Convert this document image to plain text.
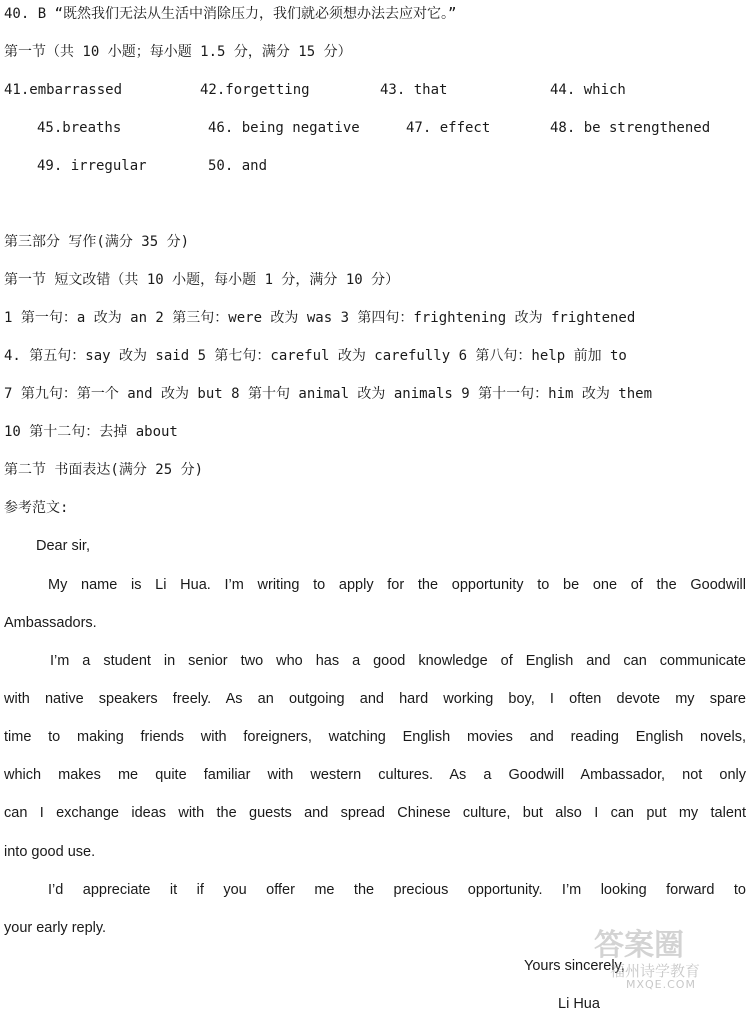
40. B “既然我们无法从生活中消除压力，我们就必须想办法去应对它。”
第一节（共 10 小题；每小题 1.5 分，满分 15 分）
41.embarrassed	42.forgetting	43. that	44. which
45.breaths	46. being negative	47. effect	48. be strengthened
49. irregular	50. and
第三部分 写作(满分 35 分)
第一节 短文改错（共 10 小题，每小题 1 分，满分 10 分）
1 第一句：a 改为 an 2 第三句：were 改为 was 3 第四句：frightening 改为 frightened
4. 第五句：say 改为 said 5 第七句：careful 改为 carefully 6 第八句：help 前加 to
7 第九句：第一个 and 改为 but 8 第十句 animal 改为 animals 9 第十一句：him 改为 them
10 第十二句：去掉 about
第二节 书面表达(满分 25 分)
参考范文:
Dear sir,
My name is Li Hua. I’m writing to apply for the opportunity to be one of the Goodwill
Ambassadors.
I’m a student in senior two who has a good knowledge of English and can communicate
with native speakers freely. As an outgoing and hard working boy, I often devote my spare
time to making friends with foreigners, watching English movies and reading English novels,
which makes me quite familiar with western cultures. As a Goodwill Ambassador, not only
can I exchange ideas with the guests and spread Chinese culture, but also I can put my talent
into good use.
I’d appreciate it if you offer me the precious opportunity. I’m looking forward to
your early reply.
Yours sincerely,
Li Hua
答案圈
福州诗学教育
MXQE.COM
